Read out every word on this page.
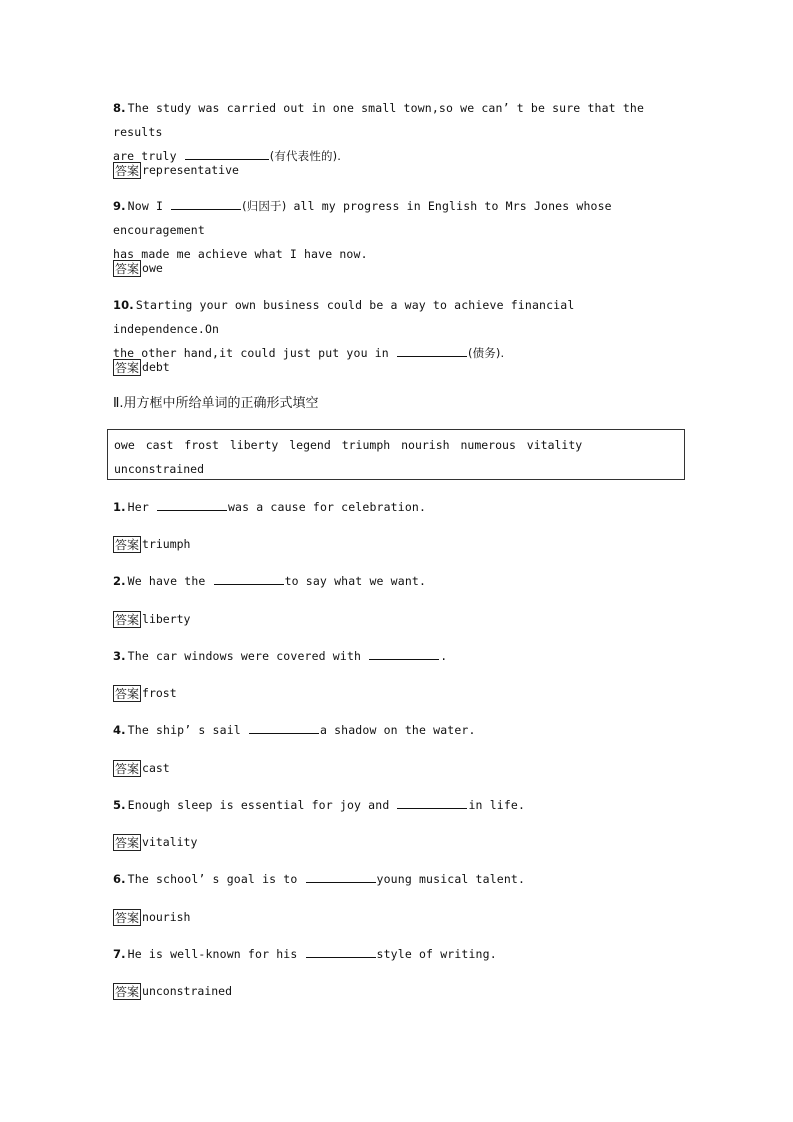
8. The study was carried out in one small town,so we can’ t be sure that the results
are truly	(有代表性的).
答案 representative
9. Now I	(归因于) all my progress in English to Mrs Jones whose encouragement
has made me achieve what I have now.
答案 owe
10. Starting your own business could be a way to achieve financial independence.On
the other hand,it could just put you in	(债务).
答案 debt
Ⅱ.用方框中所给单词的正确形式填空
owe cast frost liberty legend triumph nourish numerous vitality
unconstrained
1. Her	was a cause for celebration.
答案 triumph
2. We have the	to say what we want.
答案 liberty
3. The car windows were covered with	.
答案 frost
4. The ship’ s sail	a shadow on the water.
答案 cast
5. Enough sleep is essential for joy and	in life.
答案 vitality
6. The school’ s goal is to	young musical talent.
答案 nourish
7. He is well-known for his	style of writing.
答案 unconstrained
